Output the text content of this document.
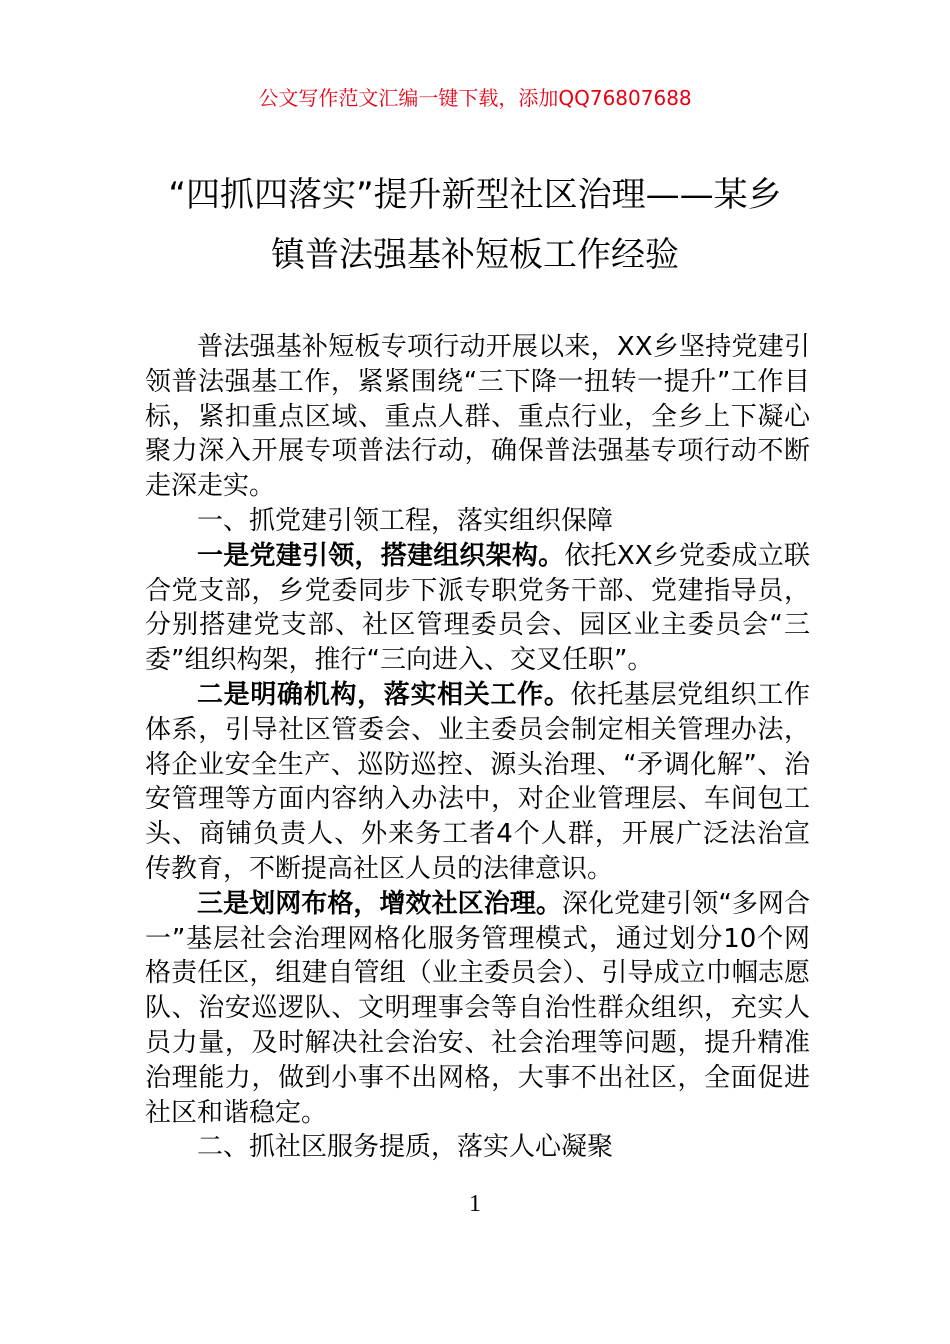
公文写作范文汇编一键下载，添加QQ76807688
“四抓四落实”提升新型社区治理——某乡
镇普法强基补短板工作经验

普法强基补短板专项行动开展以来，XX乡坚持党建引领普法强基工作，紧紧围绕“三下降一扭转一提升”工作目标，紧扣重点区域、重点人群、重点行业，全乡上下凝心聚力深入开展专项普法行动，确保普法强基专项行动不断走深走实。

一、抓党建引领工程，落实组织保障

一是党建引领，搭建组织架构。依托XX乡党委成立联合党支部，乡党委同步下派专职党务干部、党建指导员，分别搭建党支部、社区管理委员会、园区业主委员会“三委”组织构架，推行“三向进入、交叉任职”。

二是明确机构，落实相关工作。依托基层党组织工作体系，引导社区管委会、业主委员会制定相关管理办法，将企业安全生产、巡防巡控、源头治理、“矛调化解”、治安管理等方面内容纳入办法中，对企业管理层、车间包工头、商铺负责人、外来务工者4个人群，开展广泛法治宣传教育，不断提高社区人员的法律意识。

三是划网布格，增效社区治理。深化党建引领“多网合一”基层社会治理网格化服务管理模式，通过划分10个网格责任区，组建自管组（业主委员会）、引导成立巾帼志愿队、治安巡逻队、文明理事会等自治性群众组织，充实人员力量，及时解决社会治安、社会治理等问题，提升精准治理能力，做到小事不出网格，大事不出社区，全面促进社区和谐稳定。

二、抓社区服务提质，落实人心凝聚

1
